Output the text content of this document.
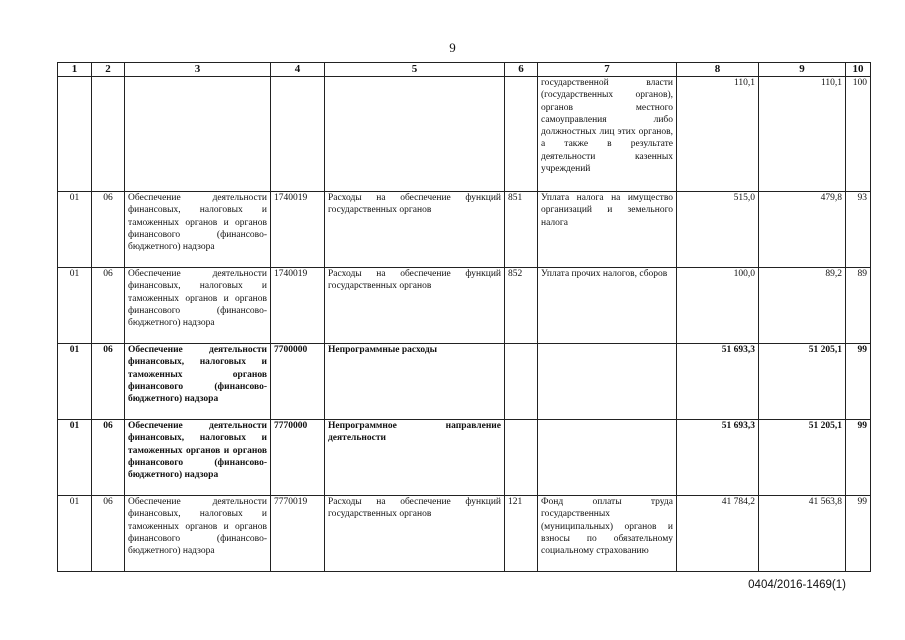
9
1	2	3	4	5	6	7	8	9	10
						государственной власти (государственных органов), органов местного самоуправления либо должностных лиц этих органов, а также в результате деятельности казенных учреждений	110,1	110,1	100
01	06	Обеспечение деятельности финансовых, налоговых и таможенных органов и органов финансового (финансово-бюджетного) надзора	1740019	Расходы на обеспечение функций государственных органов	851	Уплата налога на имущество организаций и земельного налога	515,0	479,8	93
01	06	Обеспечение деятельности финансовых, налоговых и таможенных органов и органов финансового (финансово-бюджетного) надзора	1740019	Расходы на обеспечение функций государственных органов	852	Уплата прочих налогов, сборов	100,0	89,2	89
01	06	Обеспечение деятельности финансовых, налоговых и таможенных органов финансового (финансово-бюджетного) надзора	7700000	Непрограммные расходы			51 693,3	51 205,1	99
01	06	Обеспечение деятельности финансовых, налоговых и таможенных органов и органов финансового (финансово-бюджетного) надзора	7770000	Непрограммное направление деятельности			51 693,3	51 205,1	99
01	06	Обеспечение деятельности финансовых, налоговых и таможенных органов и органов финансового (финансово-бюджетного) надзора	7770019	Расходы на обеспечение функций государственных органов	121	Фонд оплаты труда государственных (муниципальных) органов и взносы по обязательному социальному страхованию	41 784,2	41 563,8	99
0404/2016-1469(1)
